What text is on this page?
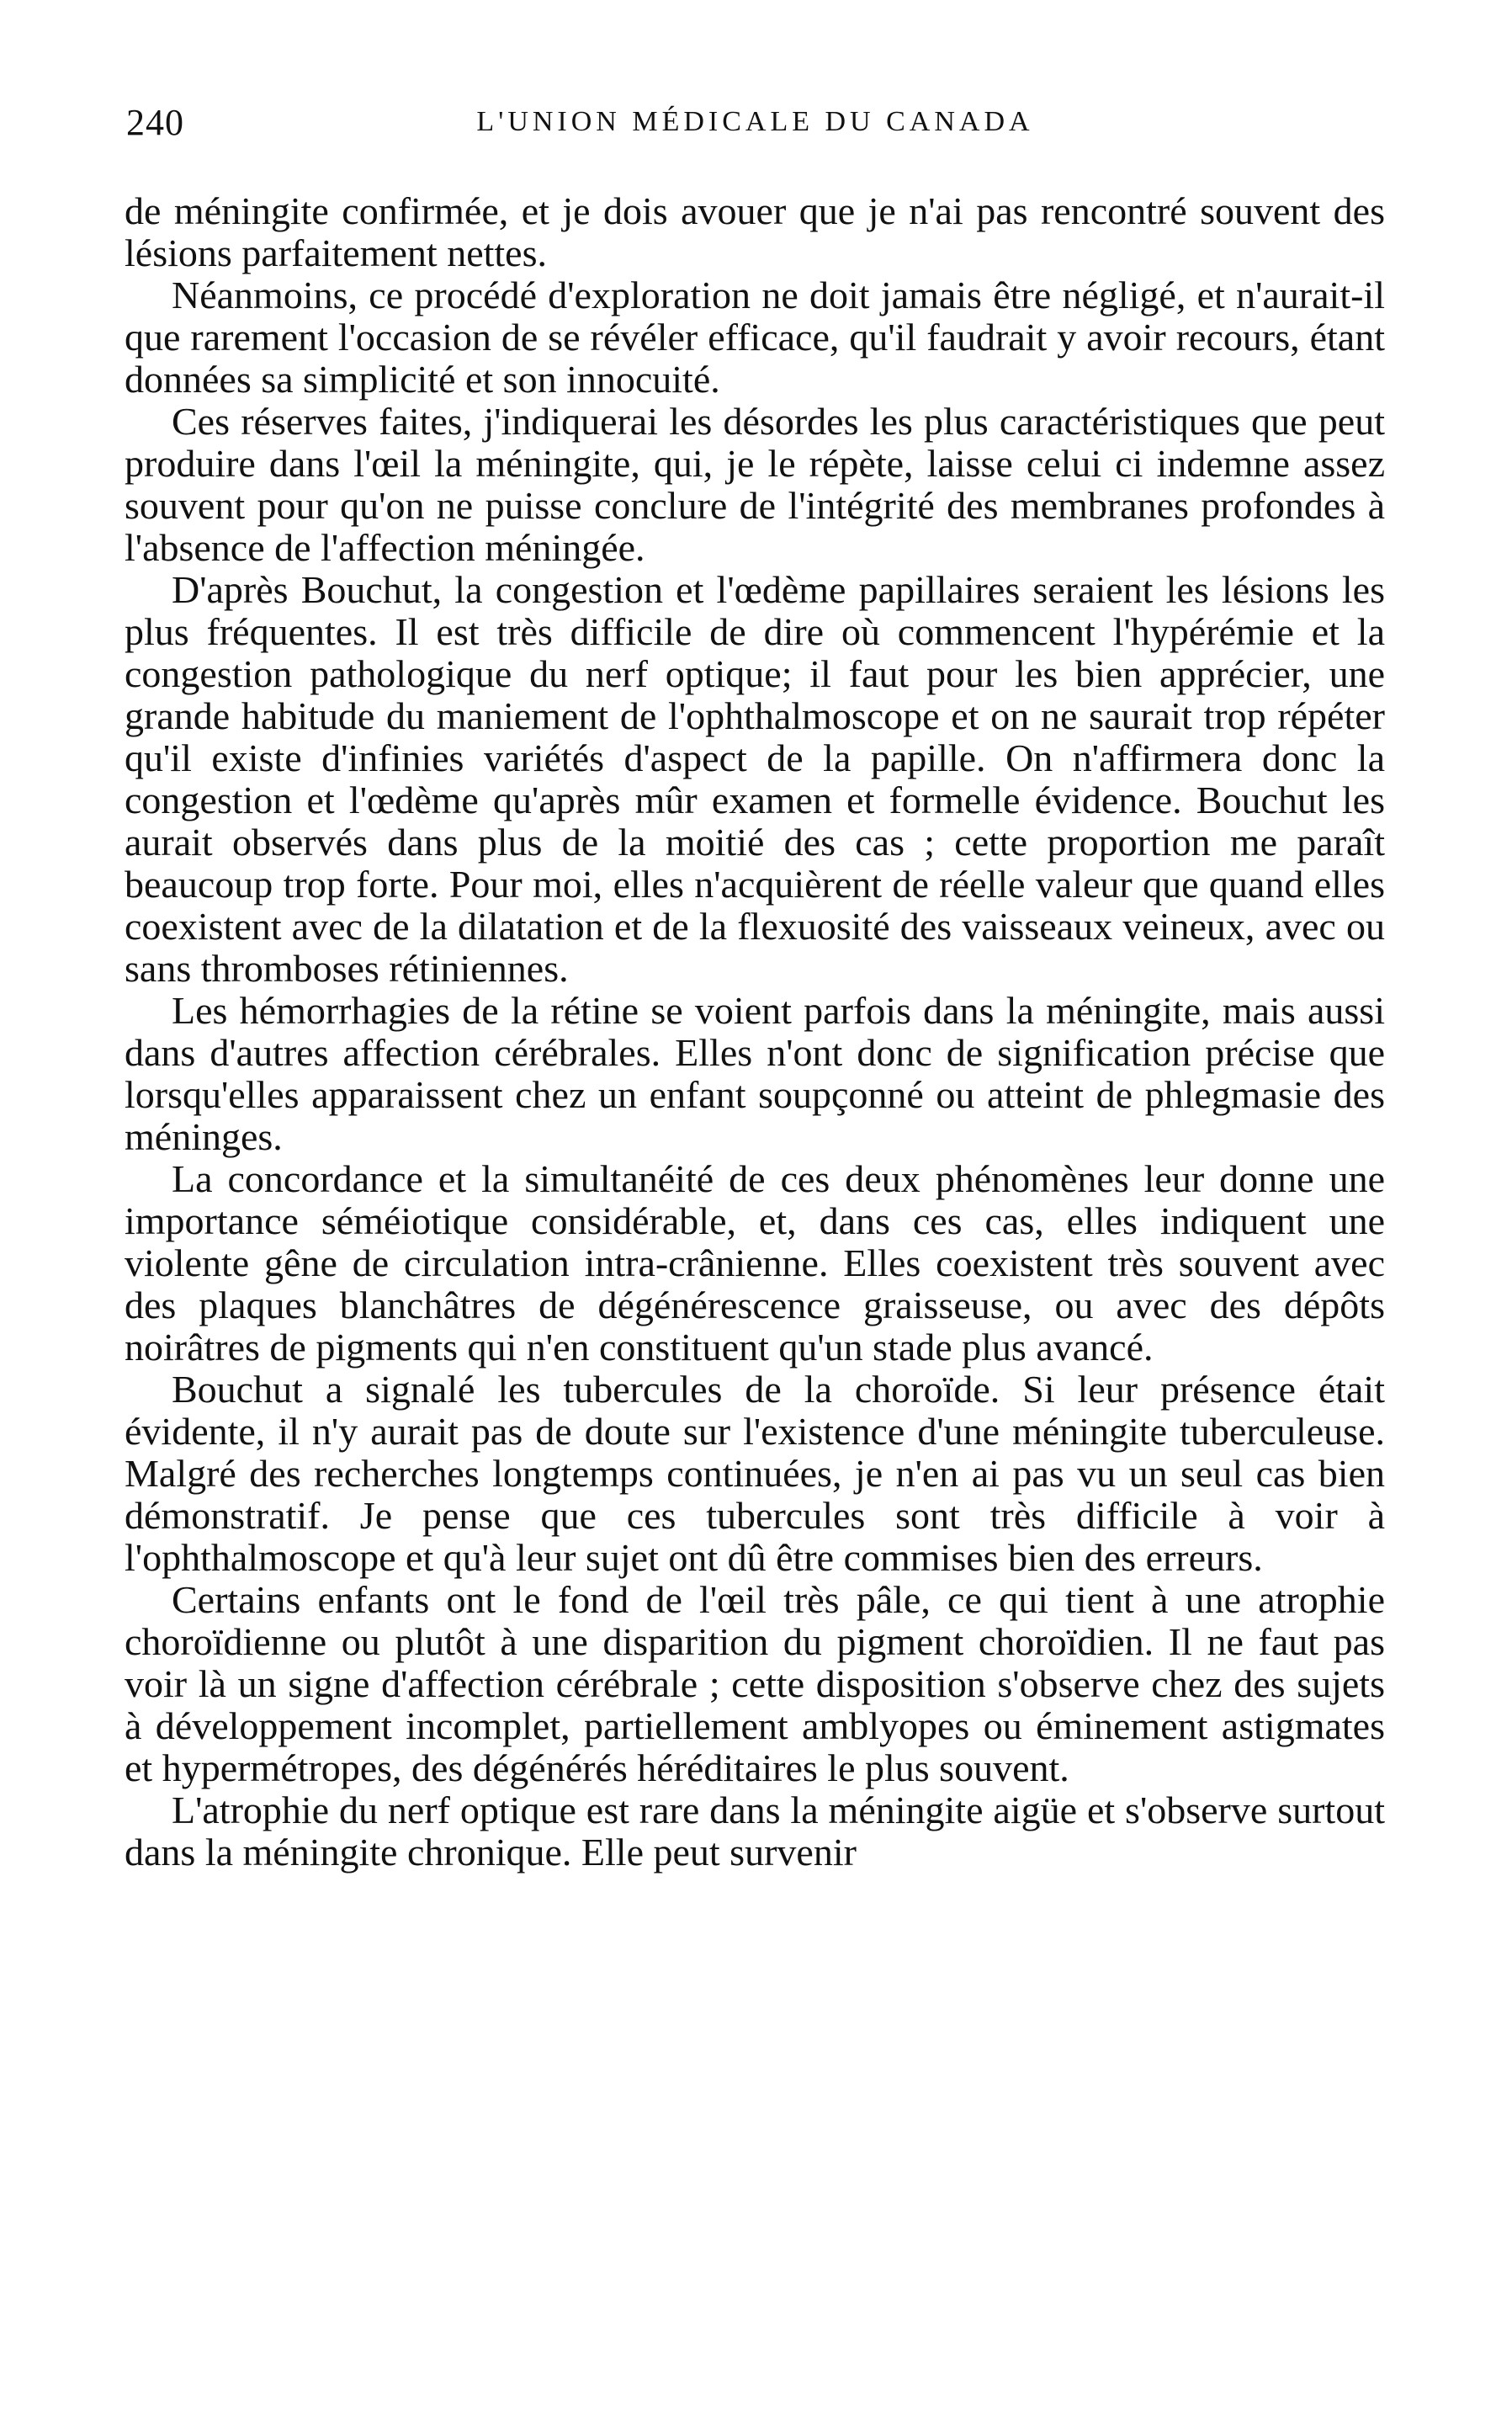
240	L'UNION MÉDICALE DU CANADA

de méningite confirmée, et je dois avouer que je n'ai pas rencontré souvent des lésions parfaitement nettes.

Néanmoins, ce procédé d'exploration ne doit jamais être négligé, et n'aurait-il que rarement l'occasion de se révéler efficace, qu'il faudrait y avoir recours, étant données sa simplicité et son innocuité.

Ces réserves faites, j'indiquerai les désordes les plus caractéristiques que peut produire dans l'œil la méningite, qui, je le répète, laisse celui ci indemne assez souvent pour qu'on ne puisse conclure de l'intégrité des membranes profondes à l'absence de l'affection méningée.

D'après Bouchut, la congestion et l'œdème papillaires seraient les lésions les plus fréquentes. Il est très difficile de dire où commencent l'hypérémie et la congestion pathologique du nerf optique; il faut pour les bien apprécier, une grande habitude du maniement de l'ophthalmoscope et on ne saurait trop répéter qu'il existe d'infinies variétés d'aspect de la papille. On n'affirmera donc la congestion et l'œdème qu'après mûr examen et formelle évidence. Bouchut les aurait observés dans plus de la moitié des cas ; cette proportion me paraît beaucoup trop forte. Pour moi, elles n'acquièrent de réelle valeur que quand elles coexistent avec de la dilatation et de la flexuosité des vaisseaux veineux, avec ou sans thromboses rétiniennes.

Les hémorrhagies de la rétine se voient parfois dans la méningite, mais aussi dans d'autres affection cérébrales. Elles n'ont donc de signification précise que lorsqu'elles apparaissent chez un enfant soupçonné ou atteint de phlegmasie des méninges.

La concordance et la simultanéité de ces deux phénomènes leur donne une importance séméiotique considérable, et, dans ces cas, elles indiquent une violente gêne de circulation intra-crânienne. Elles coexistent très souvent avec des plaques blanchâtres de dégénérescence graisseuse, ou avec des dépôts noirâtres de pigments qui n'en constituent qu'un stade plus avancé.

Bouchut a signalé les tubercules de la choroïde. Si leur présence était évidente, il n'y aurait pas de doute sur l'existence d'une méningite tuberculeuse. Malgré des recherches longtemps continuées, je n'en ai pas vu un seul cas bien démonstratif. Je pense que ces tubercules sont très difficile à voir à l'ophthalmoscope et qu'à leur sujet ont dû être commises bien des erreurs.

Certains enfants ont le fond de l'œil très pâle, ce qui tient à une atrophie choroïdienne ou plutôt à une disparition du pigment choroïdien. Il ne faut pas voir là un signe d'affection cérébrale ; cette disposition s'observe chez des sujets à développement incomplet, partiellement amblyopes ou éminement astigmates et hypermétropes, des dégénérés héréditaires le plus souvent.

L'atrophie du nerf optique est rare dans la méningite aigüe et s'observe surtout dans la méningite chronique. Elle peut survenir
